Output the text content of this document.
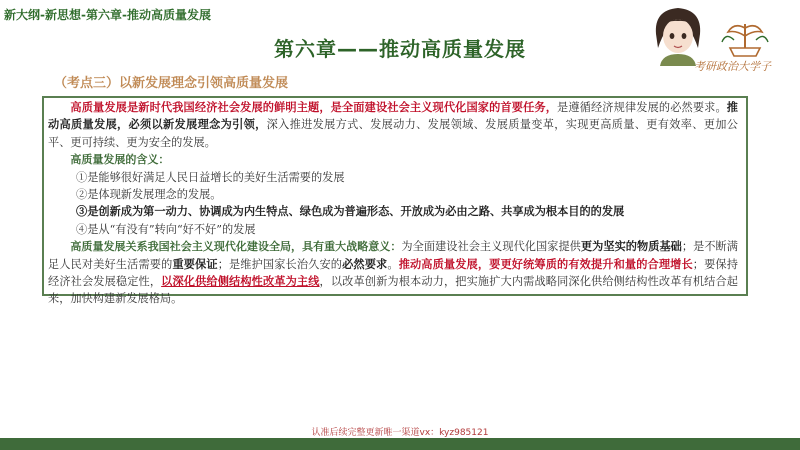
新大纲-新思想-第六章-推动高质量发展
考研政治大学子
第六章——推动高质量发展
（考点三）以新发展理念引领高质量发展

高质量发展是新时代我国经济社会发展的鲜明主题，是全面建设社会主义现代化国家的首要任务，是遵循经济规律发展的必然要求。推动高质量发展，必须以新发展理念为引领，深入推进发展方式、发展动力、发展领域、发展质量变革，实现更高质量、更有效率、更加公平、更可持续、更为安全的发展。

高质量发展的含义：

①是能够很好满足人民日益增长的美好生活需要的发展

②是体现新发展理念的发展。

③是创新成为第一动力、协调成为内生特点、绿色成为普遍形态、开放成为必由之路、共享成为根本目的的发展

④是从“有没有”转向“好不好”的发展

高质量发展关系我国社会主义现代化建设全局，具有重大战略意义：为全面建设社会主义现代化国家提供更为坚实的物质基础；是不断满足人民对美好生活需要的重要保证；是维护国家长治久安的必然要求。推动高质量发展，要更好统筹质的有效提升和量的合理增长；要保持经济社会发展稳定性，以深化供给侧结构性改革为主线，以改革创新为根本动力，把实施扩大内需战略同深化供给侧结构性改革有机结合起来，加快构建新发展格局。

认准后续完整更新唯一渠道vx：kyz985121
